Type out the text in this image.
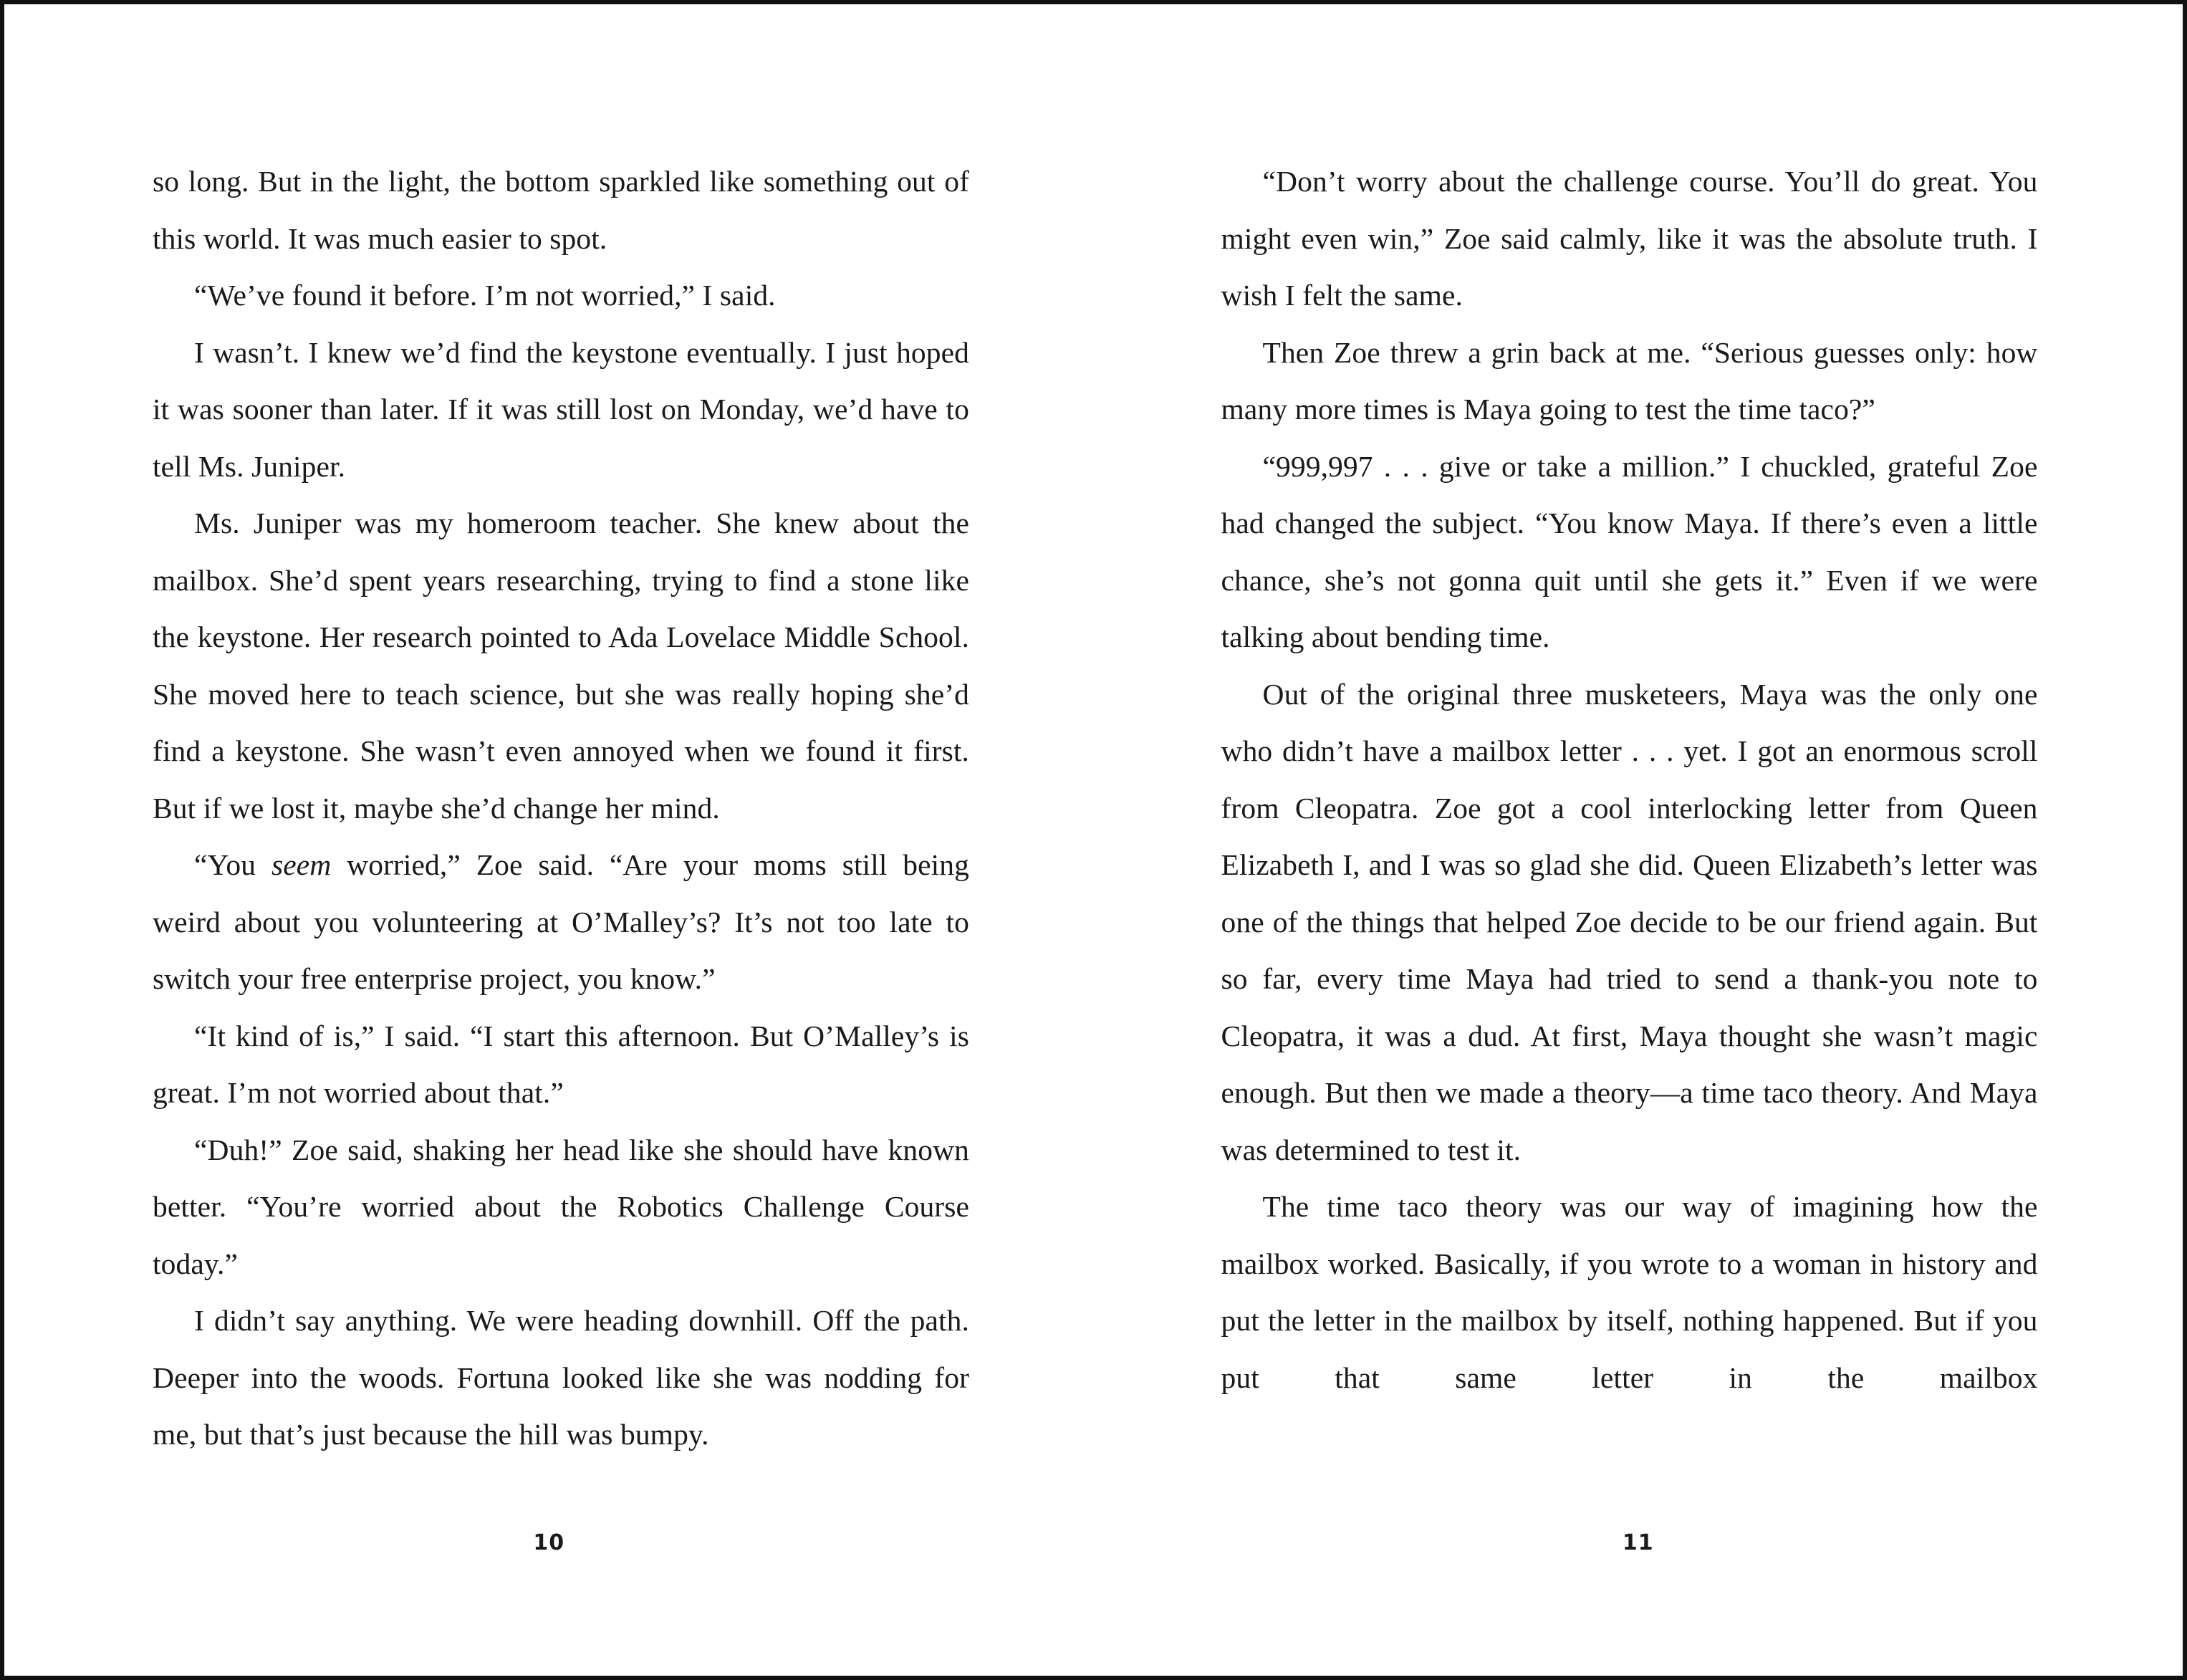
so long. But in the light, the bottom sparkled like something out of this world. It was much easier to spot.

“We’ve found it before. I’m not worried,” I said.

I wasn’t. I knew we’d find the keystone eventually. I just hoped it was sooner than later. If it was still lost on Monday, we’d have to tell Ms. Juniper.

Ms. Juniper was my homeroom teacher. She knew about the mailbox. She’d spent years researching, trying to find a stone like the keystone. Her research pointed to Ada Lovelace Middle School. She moved here to teach science, but she was really hoping she’d find a keystone. She wasn’t even annoyed when we found it first. But if we lost it, maybe she’d change her mind.

“You seem worried,” Zoe said. “Are your moms still being weird about you volunteering at O’Malley’s? It’s not too late to switch your free enterprise project, you know.”

“It kind of is,” I said. “I start this afternoon. But O’Malley’s is great. I’m not worried about that.”

“Duh!” Zoe said, shaking her head like she should have known better. “You’re worried about the Robotics Challenge Course today.”

I didn’t say anything. We were heading downhill. Off the path. Deeper into the woods. Fortuna looked like she was nodding for me, but that’s just because the hill was bumpy.

10

“Don’t worry about the challenge course. You’ll do great. You might even win,” Zoe said calmly, like it was the absolute truth. I wish I felt the same.

Then Zoe threw a grin back at me. “Serious guesses only: how many more times is Maya going to test the time taco?”

“999,997 . . . give or take a million.” I chuckled, grateful Zoe had changed the subject. “You know Maya. If there’s even a little chance, she’s not gonna quit until she gets it.” Even if we were talking about bending time.

Out of the original three musketeers, Maya was the only one who didn’t have a mailbox letter . . . yet. I got an enormous scroll from Cleopatra. Zoe got a cool interlocking letter from Queen Elizabeth I, and I was so glad she did. Queen Elizabeth’s letter was one of the things that helped Zoe decide to be our friend again. But so far, every time Maya had tried to send a thank-you note to Cleopatra, it was a dud. At first, Maya thought she wasn’t magic enough. But then we made a theory—a time taco theory. And Maya was determined to test it.

The time taco theory was our way of imagining how the mailbox worked. Basically, if you wrote to a woman in history and put the letter in the mailbox by itself, nothing happened. But if you put that same letter in the mailbox

11
